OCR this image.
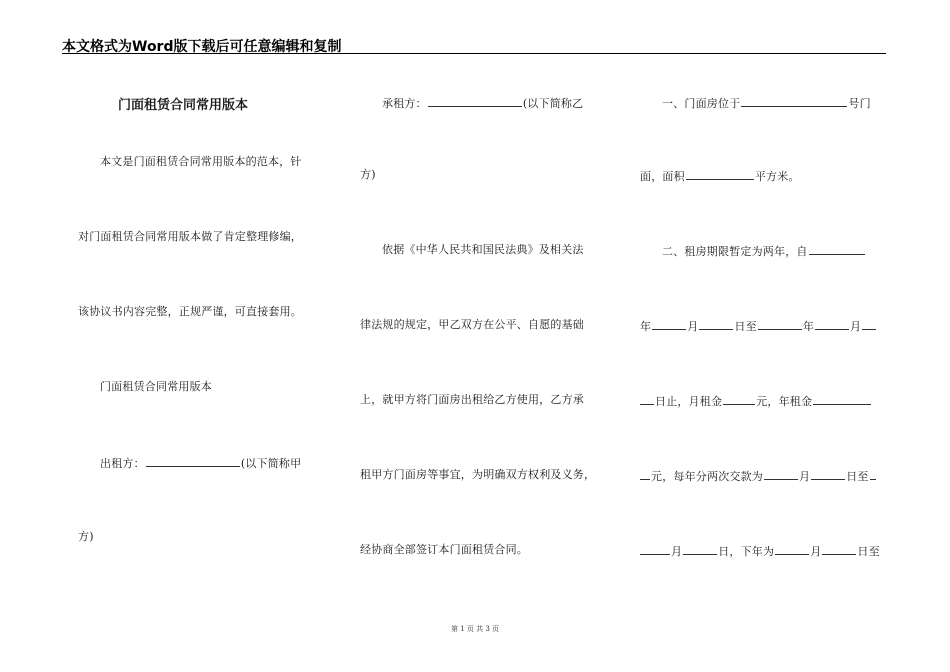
本文格式为Word版下载后可任意编辑和复制
门面租赁合同常用版本
本文是门面租赁合同常用版本的范本，针
对门面租赁合同常用版本做了肯定整理修编，
该协议书内容完整，正规严谨，可直接套用。
门面租赁合同常用版本
出租方：	(以下简称甲
方)
承租方：	(以下简称乙
方)
依据《中华人民共和国民法典》及相关法
律法规的规定，甲乙双方在公平、自愿的基础
上，就甲方将门面房出租给乙方使用，乙方承
租甲方门面房等事宜，为明确双方权利及义务，
经协商全部签订本门面租赁合同。
一、门面房位于	号门
面，面积	平方米。
二、租房期限暂定为两年，自
年	月	日至	年	月
日止，月租金	元，年租金
元，每年分两次交款为	月	日至
月	日，下年为	月	日至
第 1 页 共 3 页
